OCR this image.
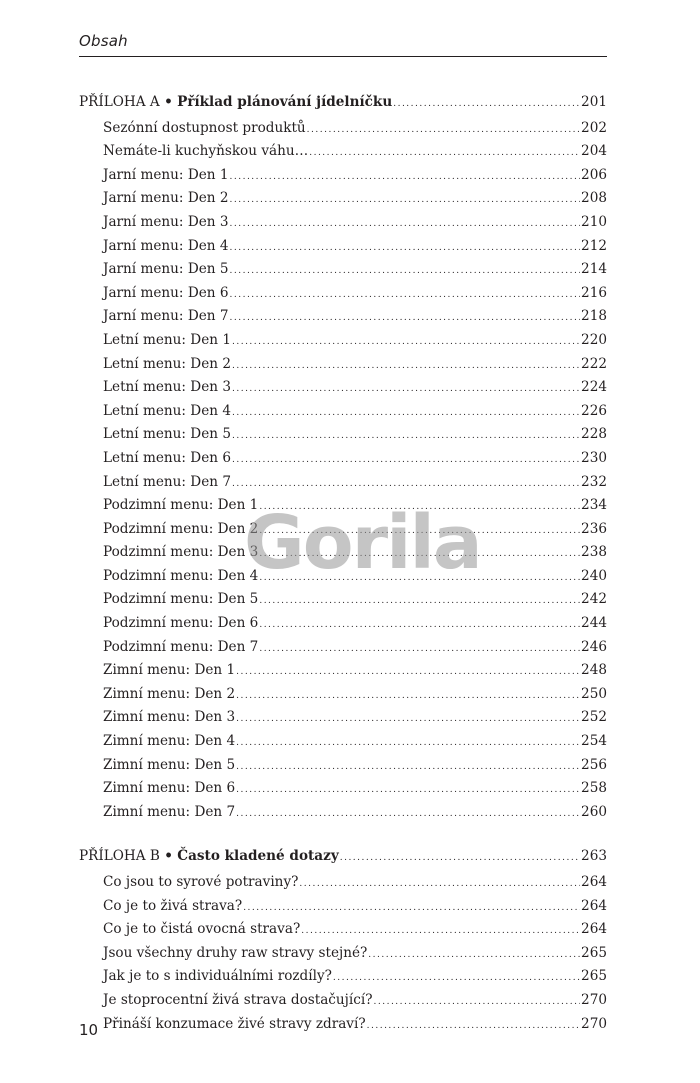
Obsah
PŘÍLOHA A • Příklad plánování jídelníčku .....	201
Sezónní dostupnost produktů .....	202
Nemáte-li kuchyňskou váhu… .....	204
Jarní menu: Den 1 .....	206
Jarní menu: Den 2 .....	208
Jarní menu: Den 3 .....	210
Jarní menu: Den 4 .....	212
Jarní menu: Den 5 .....	214
Jarní menu: Den 6 .....	216
Jarní menu: Den 7 .....	218
Letní menu: Den 1 .....	220
Letní menu: Den 2 .....	222
Letní menu: Den 3 .....	224
Letní menu: Den 4 .....	226
Letní menu: Den 5 .....	228
Letní menu: Den 6 .....	230
Letní menu: Den 7 .....	232
Podzimní menu: Den 1 .....	234
Podzimní menu: Den 2 .....	236
Podzimní menu: Den 3 .....	238
Podzimní menu: Den 4 .....	240
Podzimní menu: Den 5 .....	242
Podzimní menu: Den 6 .....	244
Podzimní menu: Den 7 .....	246
Zimní menu: Den 1 .....	248
Zimní menu: Den 2 .....	250
Zimní menu: Den 3 .....	252
Zimní menu: Den 4 .....	254
Zimní menu: Den 5 .....	256
Zimní menu: Den 6 .....	258
Zimní menu: Den 7 .....	260
PŘÍLOHA B • Často kladené dotazy .....	263
Co jsou to syrové potraviny? .....	264
Co je to živá strava? .....	264
Co je to čistá ovocná strava? .....	264
Jsou všechny druhy raw stravy stejné? .....	265
Jak je to s individuálními rozdíly? .....	265
Je stoprocentní živá strava dostačující? .....	270
Přináší konzumace živé stravy zdraví? .....	270
Gorila
10
